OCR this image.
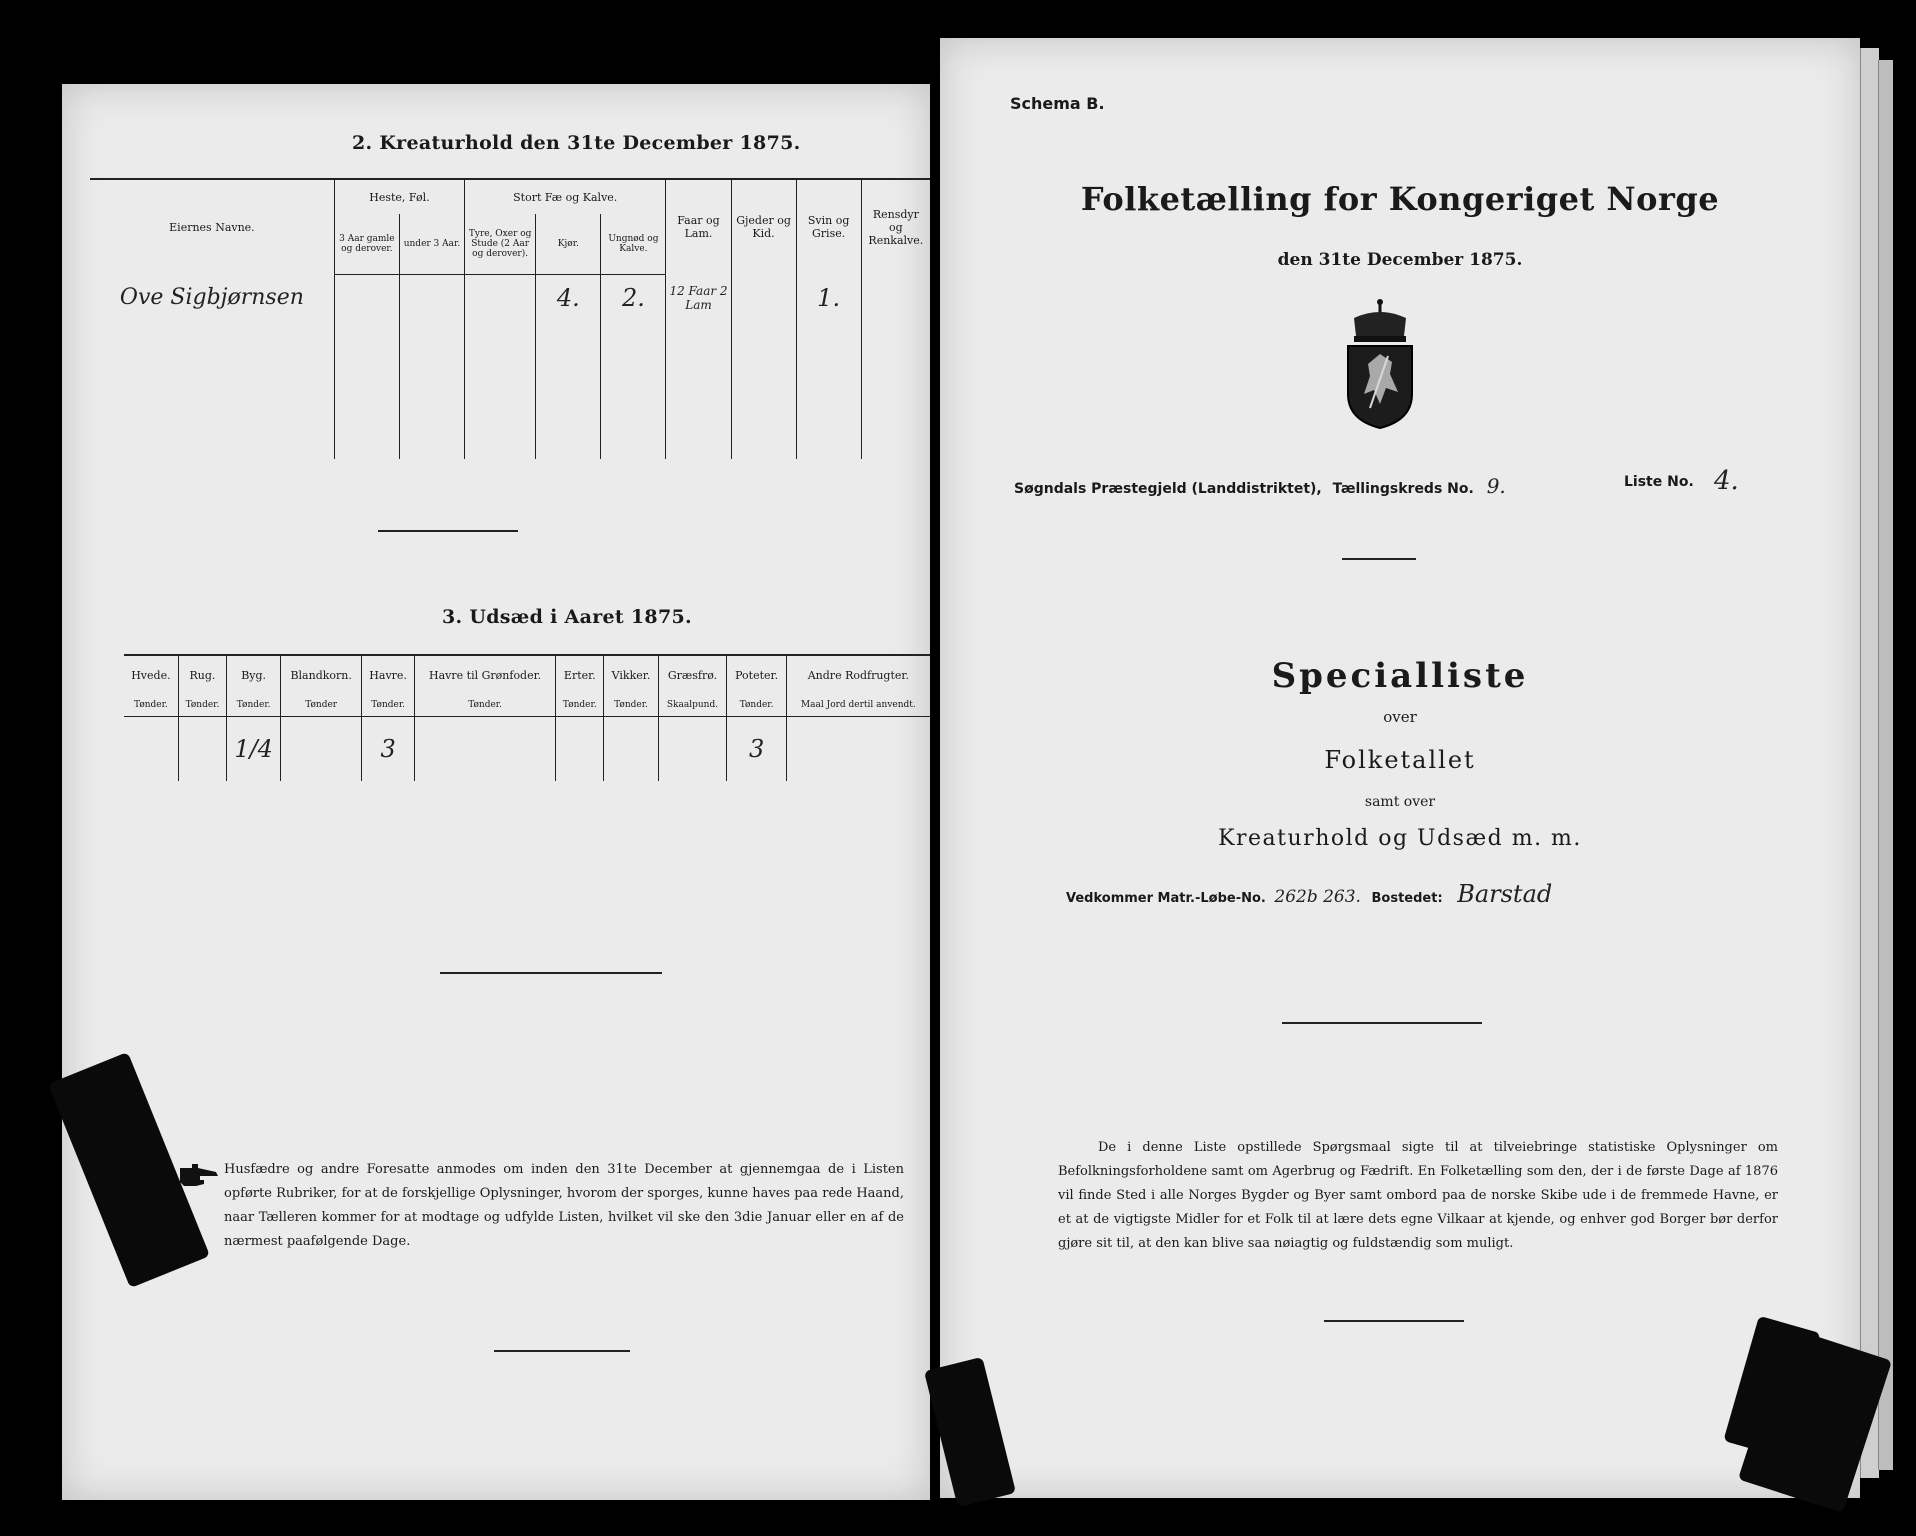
2. Kreaturhold den 31te December 1875.
Eiernes Navne.	Heste, Føl.		Stort Fæ og Kalve.			Faar og Lam.	Gjeder og Kid.	Svin og Grise.	Rensdyr og Renkalve.
	3 Aar gamle og derover.	under 3 Aar.	Tyre, Oxer og Stude (2 Aar og derover).	Kjør.	Ungnød og Kalve.				
Ove Sigbjørnsen				4.	2.	12 Faar 2 Lam		1.	

3. Udsæd i Aaret 1875.
Hvede.	Rug.	Byg.	Blandkorn.	Havre.	Havre til Grønfoder.	Erter.	Vikker.	Græsfrø.	Poteter.	Andre Rodfrugter.
Tønder.	Tønder.	Tønder.	Tønder	Tønder.	Tønder.	Tønder.	Tønder.	Skaalpund.	Tønder.	Maal Jord dertil anvendt.
		1/4		3					3	
Husfædre og andre Foresatte anmodes om inden den 31te December at gjennemgaa de i Listen opførte Rubriker, for at de forskjellige Oplysninger, hvorom der sporges, kunne haves paa rede Haand, naar Tælleren kommer for at modtage og udfylde Listen, hvilket vil ske den 3die Januar eller en af de nærmest paafølgende Dage.
Schema B.
Folketælling for Kongeriget Norge
den 31te December 1875.
Søgndals Præstegjeld (Landdistriktet), Tællingskreds No. 9.	Liste No. 4.
Specialliste
over
Folketallet
samt over
Kreaturhold og Udsæd m. m.
Vedkommer Matr.-Løbe-No. 262b 263. Bostedet: Barstad
De i denne Liste opstillede Spørgsmaal sigte til at tilveiebringe statistiske Oplysninger om Befolkningsforholdene samt om Agerbrug og Fædrift. En Folketælling som den, der i de første Dage af 1876 vil finde Sted i alle Norges Bygder og Byer samt ombord paa de norske Skibe ude i de fremmede Havne, er et at de vigtigste Midler for et Folk til at lære dets egne Vilkaar at kjende, og enhver god Borger bør derfor gjøre sit til, at den kan blive saa nøiagtig og fuldstændig som muligt.
